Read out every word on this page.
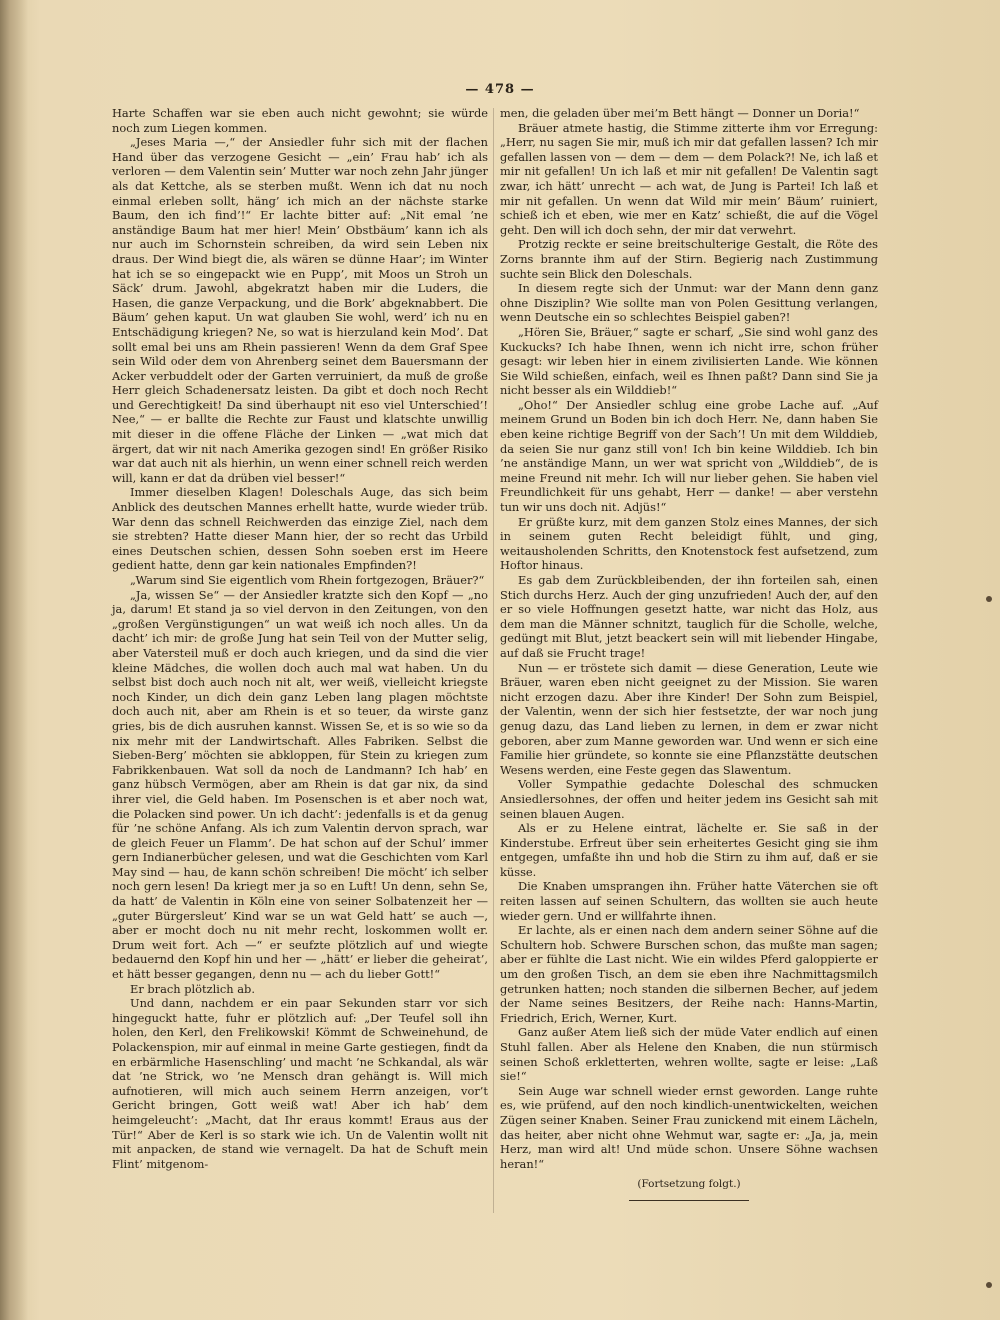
— 478 —

Harte Schaffen war sie eben auch nicht gewohnt; sie würde noch zum Liegen kommen.

„Jeses Maria —,“ der Ansiedler fuhr sich mit der flachen Hand über das verzogene Gesicht — „ein’ Frau hab’ ich als verloren — dem Valentin sein’ Mutter war noch zehn Jahr jünger als dat Kettche, als se sterben mußt. Wenn ich dat nu noch einmal erleben sollt, häng’ ich mich an der nächste starke Baum, den ich find’!“ Er lachte bitter auf: „Nit emal ’ne anständige Baum hat mer hier! Mein’ Obstbäum’ kann ich als nur auch im Schornstein schreiben, da wird sein Leben nix draus. Der Wind biegt die, als wären se dünne Haar’; im Winter hat ich se so eingepackt wie en Pupp’, mit Moos un Stroh un Säck’ drum. Jawohl, abgekratzt haben mir die Luders, die Hasen, die ganze Verpackung, und die Bork’ abgeknabbert. Die Bäum’ gehen kaput. Un wat glauben Sie wohl, werd’ ich nu en Entschädigung kriegen? Ne, so wat is hierzuland kein Mod’. Dat sollt emal bei uns am Rhein passieren! Wenn da dem Graf Spee sein Wild oder dem von Ahrenberg seinet dem Bauersmann der Acker verbuddelt oder der Garten verruiniert, da muß de große Herr gleich Schadenersatz leisten. Da gibt et doch noch Recht und Gerechtigkeit! Da sind überhaupt nit eso viel Unterschied’! Nee,“ — er ballte die Rechte zur Faust und klatschte unwillig mit dieser in die offene Fläche der Linken — „wat mich dat ärgert, dat wir nit nach Amerika gezogen sind! En größer Risiko war dat auch nit als hierhin, un wenn einer schnell reich werden will, kann er dat da drüben viel besser!“

Immer dieselben Klagen! Doleschals Auge, das sich beim Anblick des deutschen Mannes erhellt hatte, wurde wieder trüb. War denn das schnell Reichwerden das einzige Ziel, nach dem sie strebten? Hatte dieser Mann hier, der so recht das Urbild eines Deutschen schien, dessen Sohn soeben erst im Heere gedient hatte, denn gar kein nationales Empfinden?!

„Warum sind Sie eigentlich vom Rhein fortgezogen, Bräuer?“

„Ja, wissen Se“ — der Ansiedler kratzte sich den Kopf — „no ja, darum! Et stand ja so viel dervon in den Zeitungen, von den „großen Vergünstigungen“ un wat weiß ich noch alles. Un da dacht’ ich mir: de große Jung hat sein Teil von der Mutter selig, aber Vatersteil muß er doch auch kriegen, und da sind die vier kleine Mädches, die wollen doch auch mal wat haben. Un du selbst bist doch auch noch nit alt, wer weiß, vielleicht kriegste noch Kinder, un dich dein ganz Leben lang plagen möchtste doch auch nit, aber am Rhein is et so teuer, da wirste ganz gries, bis de dich ausruhen kannst. Wissen Se, et is so wie so da nix mehr mit der Landwirtschaft. Alles Fabriken. Selbst die Sieben-Berg’ möchten sie abkloppen, für Stein zu kriegen zum Fabrikkenbauen. Wat soll da noch de Landmann? Ich hab’ en ganz hübsch Vermögen, aber am Rhein is dat gar nix, da sind ihrer viel, die Geld haben. Im Posenschen is et aber noch wat, die Polacken sind power. Un ich dacht’: jedenfalls is et da genug für ’ne schöne Anfang. Als ich zum Valentin dervon sprach, war de gleich Feuer un Flamm’. De hat schon auf der Schul’ immer gern Indianerbücher gelesen, und wat die Geschichten vom Karl May sind — hau, de kann schön schreiben! Die möcht’ ich selber noch gern lesen! Da kriegt mer ja so en Luft! Un denn, sehn Se, da hatt’ de Valentin in Köln eine von seiner Solbatenzeit her — „guter Bürgersleut’ Kind war se un wat Geld hatt’ se auch —, aber er mocht doch nu nit mehr recht, loskommen wollt er. Drum weit fort. Ach —“ er seufzte plötzlich auf und wiegte bedauernd den Kopf hin und her — „hätt’ er lieber die geheirat’, et hätt besser gegangen, denn nu — ach du lieber Gott!“

Er brach plötzlich ab.

Und dann, nachdem er ein paar Sekunden starr vor sich hingeguckt hatte, fuhr er plötzlich auf: „Der Teufel soll ihn holen, den Kerl, den Frelikowski! Kömmt de Schweinehund, de Polackenspion, mir auf einmal in meine Garte gestiegen, findt da en erbärmliche Hasenschling’ und macht ’ne Schkandal, als wär dat ’ne Strick, wo ’ne Mensch dran gehängt is. Will mich aufnotieren, will mich auch seinem Herrn anzeigen, vor’t Gericht bringen, Gott weiß wat! Aber ich hab’ dem heimgeleucht’: „Macht, dat Ihr eraus kommt! Eraus aus der Tür!“ Aber de Kerl is so stark wie ich. Un de Valentin wollt nit mit anpacken, de stand wie vernagelt. Da hat de Schuft mein Flint’ mitgenom-

men, die geladen über mei’m Bett hängt — Donner un Doria!“

Bräuer atmete hastig, die Stimme zitterte ihm vor Erregung: „Herr, nu sagen Sie mir, muß ich mir dat gefallen lassen? Ich mir gefallen lassen von — dem — dem — dem Polack?! Ne, ich laß et mir nit gefallen! Un ich laß et mir nit gefallen! De Valentin sagt zwar, ich hätt’ unrecht — ach wat, de Jung is Partei! Ich laß et mir nit gefallen. Un wenn dat Wild mir mein’ Bäum’ ruiniert, schieß ich et eben, wie mer en Katz’ schießt, die auf die Vögel geht. Den will ich doch sehn, der mir dat verwehrt.

Protzig reckte er seine breitschulterige Gestalt, die Röte des Zorns brannte ihm auf der Stirn. Begierig nach Zustimmung suchte sein Blick den Doleschals.

In diesem regte sich der Unmut: war der Mann denn ganz ohne Disziplin? Wie sollte man von Polen Gesittung verlangen, wenn Deutsche ein so schlechtes Beispiel gaben?!

„Hören Sie, Bräuer,“ sagte er scharf, „Sie sind wohl ganz des Kuckucks? Ich habe Ihnen, wenn ich nicht irre, schon früher gesagt: wir leben hier in einem zivilisierten Lande. Wie können Sie Wild schießen, einfach, weil es Ihnen paßt? Dann sind Sie ja nicht besser als ein Wilddieb!“

„Oho!“ Der Ansiedler schlug eine grobe Lache auf. „Auf meinem Grund un Boden bin ich doch Herr. Ne, dann haben Sie eben keine richtige Begriff von der Sach’! Un mit dem Wilddieb, da seien Sie nur ganz still von! Ich bin keine Wilddieb. Ich bin ’ne anständige Mann, un wer wat spricht von „Wilddieb“, de is meine Freund nit mehr. Ich will nur lieber gehen. Sie haben viel Freundlichkeit für uns gehabt, Herr — danke! — aber verstehn tun wir uns doch nit. Adjüs!“

Er grüßte kurz, mit dem ganzen Stolz eines Mannes, der sich in seinem guten Recht beleidigt fühlt, und ging, weitausholenden Schritts, den Knotenstock fest aufsetzend, zum Hoftor hinaus.

Es gab dem Zurückbleibenden, der ihn forteilen sah, einen Stich durchs Herz. Auch der ging unzufrieden! Auch der, auf den er so viele Hoffnungen gesetzt hatte, war nicht das Holz, aus dem man die Männer schnitzt, tauglich für die Scholle, welche, gedüngt mit Blut, jetzt beackert sein will mit liebender Hingabe, auf daß sie Frucht trage!

Nun — er tröstete sich damit — diese Generation, Leute wie Bräuer, waren eben nicht geeignet zu der Mission. Sie waren nicht erzogen dazu. Aber ihre Kinder! Der Sohn zum Beispiel, der Valentin, wenn der sich hier festsetzte, der war noch jung genug dazu, das Land lieben zu lernen, in dem er zwar nicht geboren, aber zum Manne geworden war. Und wenn er sich eine Familie hier gründete, so konnte sie eine Pflanzstätte deutschen Wesens werden, eine Feste gegen das Slawentum.

Voller Sympathie gedachte Doleschal des schmucken Ansiedlersohnes, der offen und heiter jedem ins Gesicht sah mit seinen blauen Augen.

Als er zu Helene eintrat, lächelte er. Sie saß in der Kinderstube. Erfreut über sein erheitertes Gesicht ging sie ihm entgegen, umfaßte ihn und hob die Stirn zu ihm auf, daß er sie küsse.

Die Knaben umsprangen ihn. Früher hatte Väterchen sie oft reiten lassen auf seinen Schultern, das wollten sie auch heute wieder gern. Und er willfahrte ihnen.

Er lachte, als er einen nach dem andern seiner Söhne auf die Schultern hob. Schwere Burschen schon, das mußte man sagen; aber er fühlte die Last nicht. Wie ein wildes Pferd galoppierte er um den großen Tisch, an dem sie eben ihre Nachmittagsmilch getrunken hatten; noch standen die silbernen Becher, auf jedem der Name seines Besitzers, der Reihe nach: Hanns-Martin, Friedrich, Erich, Werner, Kurt.

Ganz außer Atem ließ sich der müde Vater endlich auf einen Stuhl fallen. Aber als Helene den Knaben, die nun stürmisch seinen Schoß erkletterten, wehren wollte, sagte er leise: „Laß sie!“

Sein Auge war schnell wieder ernst geworden. Lange ruhte es, wie prüfend, auf den noch kindlich-unentwickelten, weichen Zügen seiner Knaben. Seiner Frau zunickend mit einem Lächeln, das heiter, aber nicht ohne Wehmut war, sagte er: „Ja, ja, mein Herz, man wird alt! Und müde schon. Unsere Söhne wachsen heran!“

(Fortsetzung folgt.)
